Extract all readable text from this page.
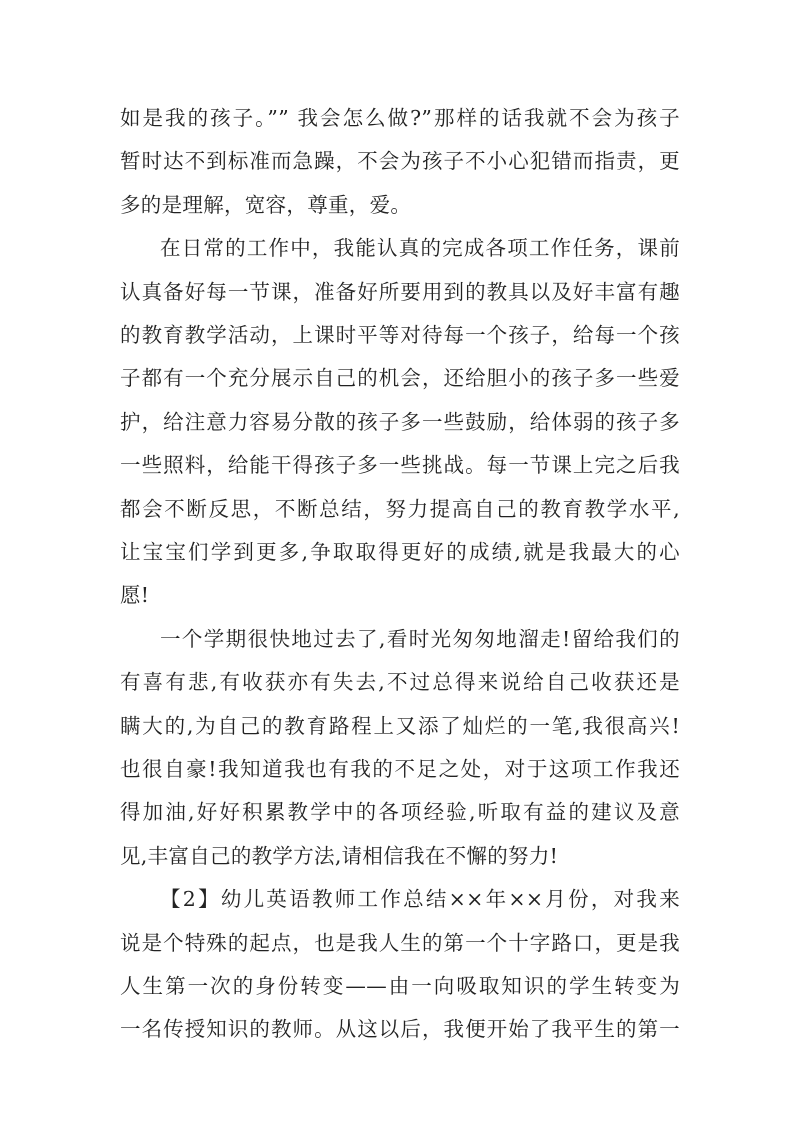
如是我的孩子。”” 我会怎么做?”那样的话我就不会为孩子
暂时达不到标准而急躁，不会为孩子不小心犯错而指责，更
多的是理解，宽容，尊重，爱。
在日常的工作中，我能认真的完成各项工作任务，课前
认真备好每一节课，准备好所要用到的教具以及好丰富有趣
的教育教学活动，上课时平等对待每一个孩子，给每一个孩
子都有一个充分展示自己的机会，还给胆小的孩子多一些爱
护，给注意力容易分散的孩子多一些鼓励，给体弱的孩子多
一些照料，给能干得孩子多一些挑战。每一节课上完之后我
都会不断反思，不断总结，努力提高自己的教育教学水平,
让宝宝们学到更多,争取取得更好的成绩,就是我最大的心
愿!
一个学期很快地过去了,看时光匆匆地溜走!留给我们的
有喜有悲,有收获亦有失去,不过总得来说给自己收获还是
瞒大的,为自己的教育路程上又添了灿烂的一笔,我很高兴!
也很自豪!我知道我也有我的不足之处，对于这项工作我还
得加油,好好积累教学中的各项经验,听取有益的建议及意
见,丰富自己的教学方法,请相信我在不懈的努力!
【2】幼儿英语教师工作总结××年××月份，对我来
说是个特殊的起点，也是我人生的第一个十字路口，更是我
人生第一次的身份转变——由一向吸取知识的学生转变为
一名传授知识的教师。从这以后，我便开始了我平生的第一
